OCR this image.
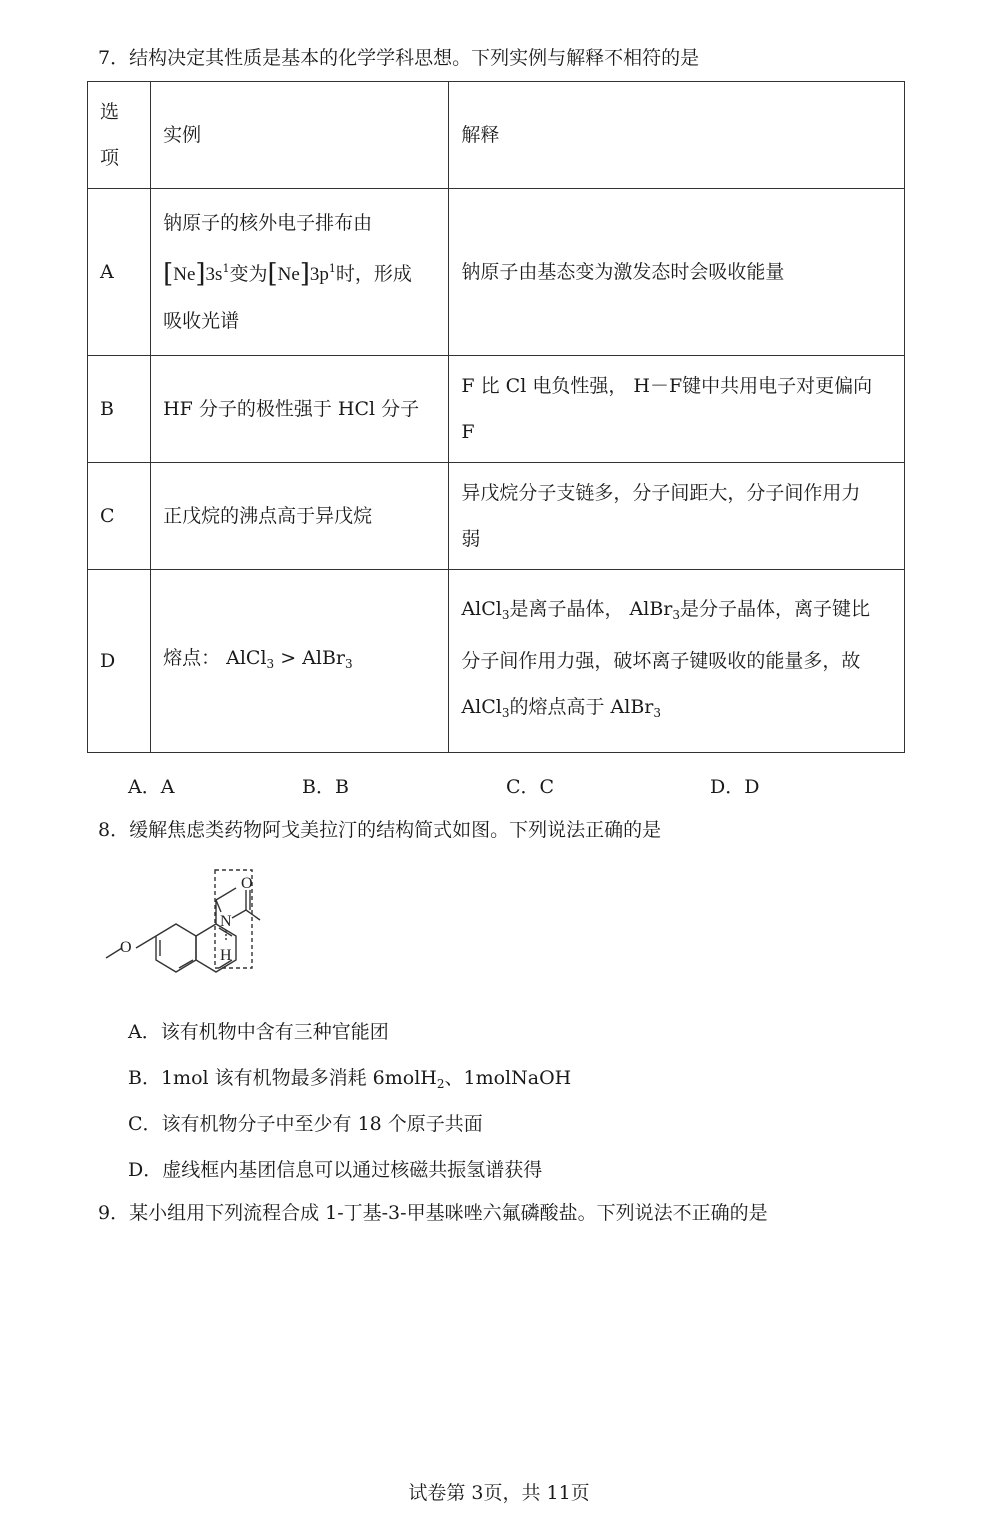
7．结构决定其性质是基本的化学学科思想。下列实例与解释不相符的是
选
项	实例	解释
A	钠原子的核外电子排布由
$[Ne]3s^1$变为$[Ne]3p^1$时，形成
吸收光谱	钠原子由基态变为激发态时会吸收能量
B	HF 分子的极性强于 HCl 分子	F 比 Cl 电负性强， H－F键中共用电子对更偏向
F

C	正戊烷的沸点高于异戊烷	异戊烷分子支链多，分子间距大，分子间作用力
弱

D	熔点： AlCl$_3$ > AlBr$_3$	AlCl$_3$是离子晶体， AlBr$_3$是分子晶体，离子键比
分子间作用力强，破坏离子键吸收的能量多，故
AlCl$_3$的熔点高于 AlBr$_3$
A．A	B．B	C．C	D．D
8．缓解焦虑类药物阿戈美拉汀的结构简式如图。下列说法正确的是
O
N
O
H
A．该有机物中含有三种官能团
B．1mol 该有机物最多消耗 6molH$_2$、1molNaOH
C．该有机物分子中至少有 18 个原子共面
D．虚线框内基团信息可以通过核磁共振氢谱获得
9．某小组用下列流程合成 1-丁基-3-甲基咪唑六氟磷酸盐。下列说法不正确的是
试卷第 3页，共 11页
